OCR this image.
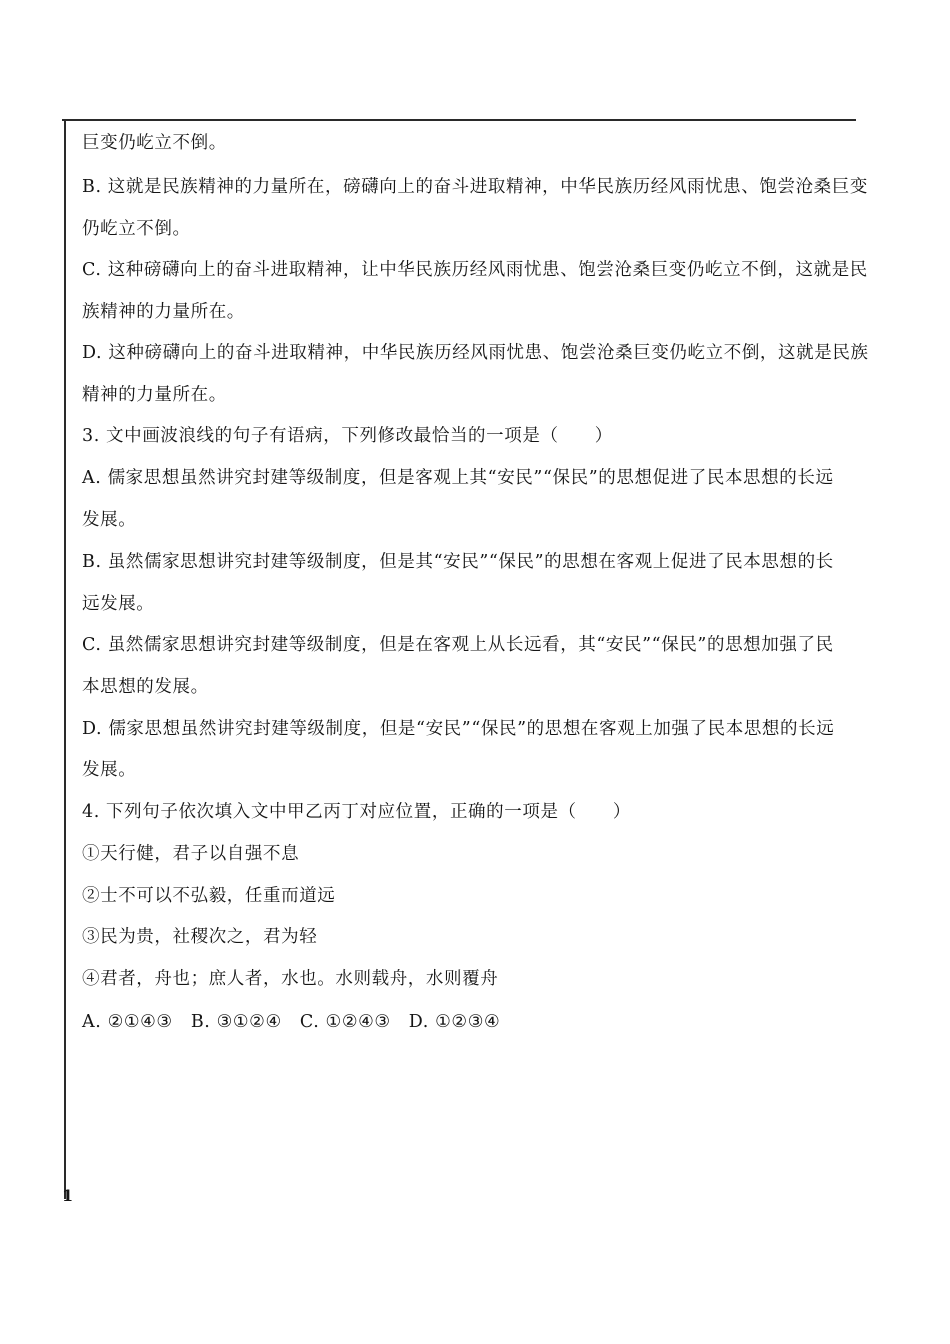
巨变仍屹立不倒。
B. 这就是民族精神的力量所在，磅礴向上的奋斗进取精神，中华民族历经风雨忧患、饱尝沧桑巨变
仍屹立不倒。
C. 这种磅礴向上的奋斗进取精神，让中华民族历经风雨忧患、饱尝沧桑巨变仍屹立不倒，这就是民
族精神的力量所在。
D. 这种磅礴向上的奋斗进取精神，中华民族历经风雨忧患、饱尝沧桑巨变仍屹立不倒，这就是民族
精神的力量所在。
3. 文中画波浪线的句子有语病，下列修改最恰当的一项是（　　）
A. 儒家思想虽然讲究封建等级制度，但是客观上其“安民”“保民”的思想促进了民本思想的长远
发展。
B. 虽然儒家思想讲究封建等级制度，但是其“安民”“保民”的思想在客观上促进了民本思想的长
远发展。
C. 虽然儒家思想讲究封建等级制度，但是在客观上从长远看，其“安民”“保民”的思想加强了民
本思想的发展。
D. 儒家思想虽然讲究封建等级制度，但是“安民”“保民”的思想在客观上加强了民本思想的长远
发展。
4. 下列句子依次填入文中甲乙丙丁对应位置，正确的一项是（　　）
①天行健，君子以自强不息
②士不可以不弘毅，任重而道远
③民为贵，社稷次之，君为轻
④君者，舟也；庶人者，水也。水则载舟，水则覆舟
A. ②①④③　B. ③①②④　C. ①②④③　D. ①②③④
1
